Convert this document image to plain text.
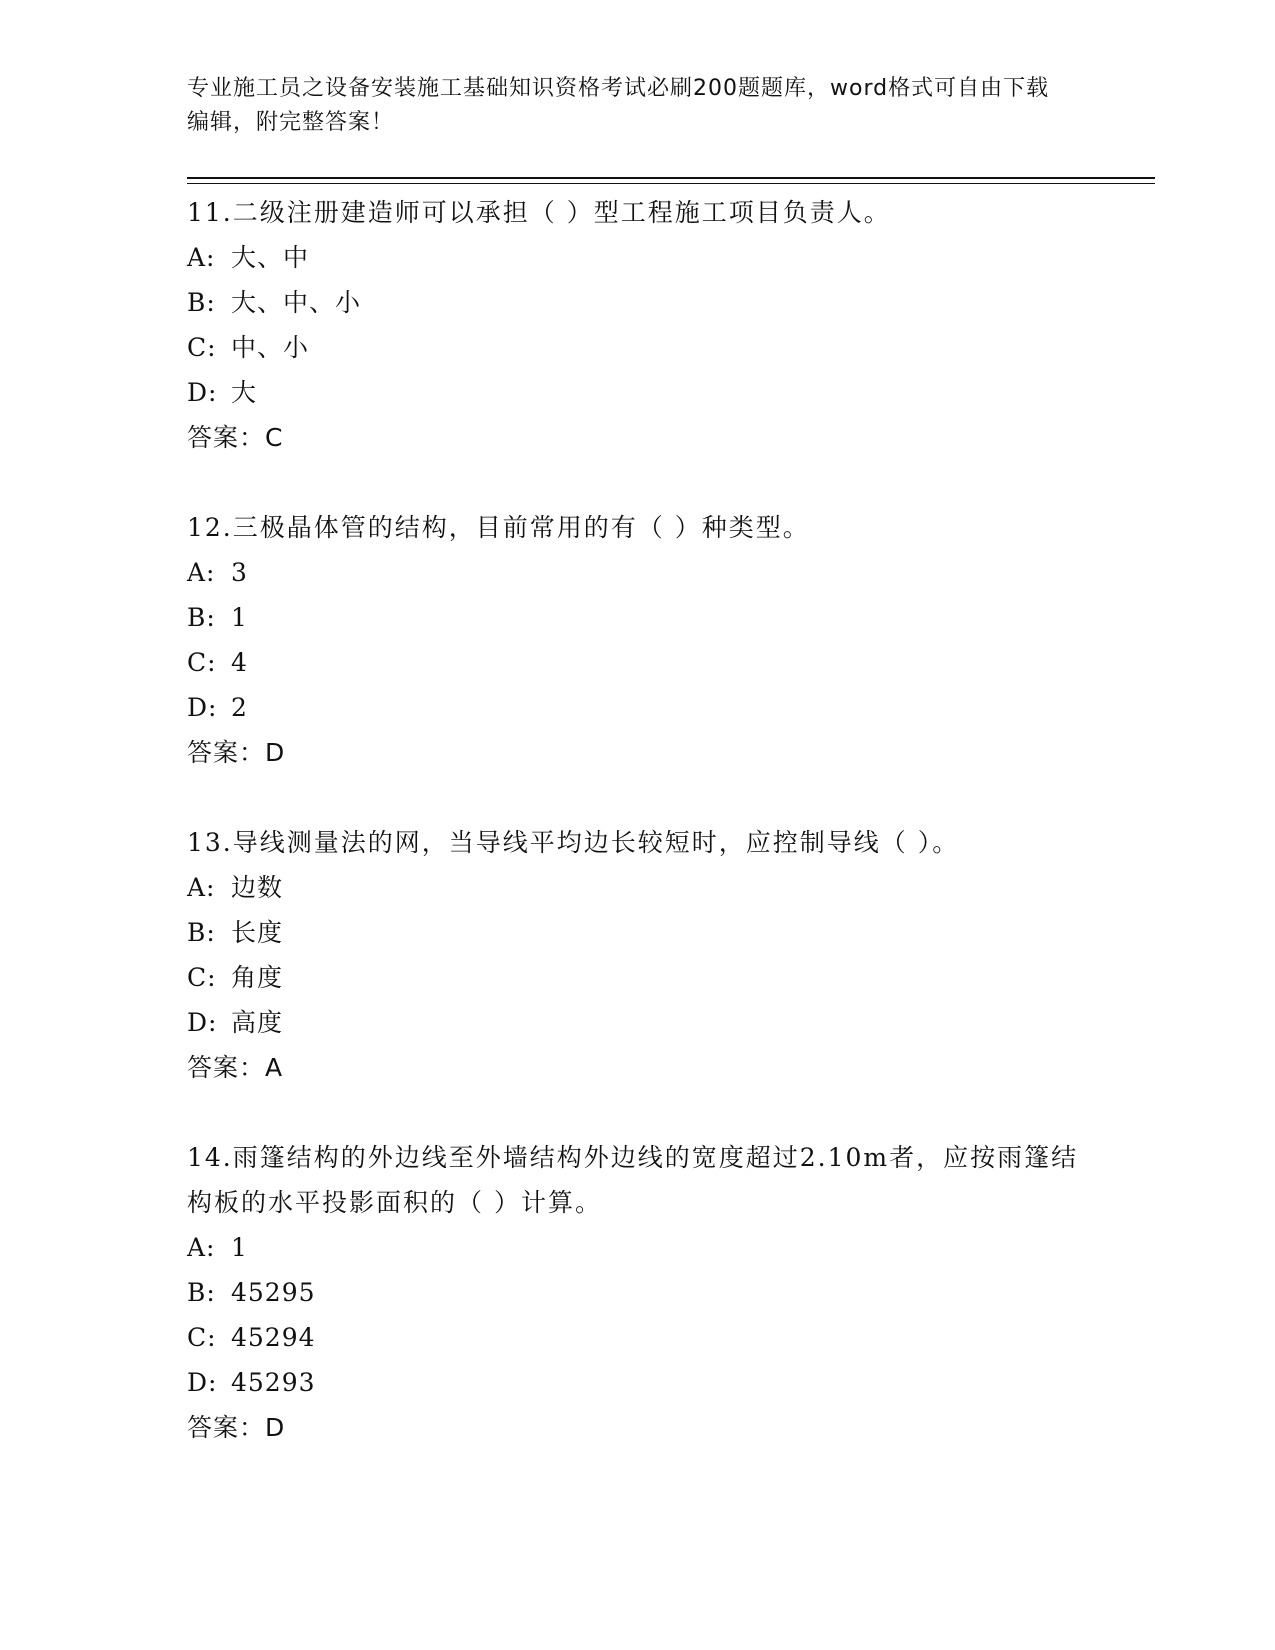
专业施工员之设备安装施工基础知识资格考试必刷200题题库，word格式可自由下载编辑，附完整答案！

11.二级注册建造师可以承担（ ）型工程施工项目负责人。

A: 大、中
B: 大、中、小
C: 中、小
D: 大
答案：C

12.三极晶体管的结构，目前常用的有（ ）种类型。

A: 3
B: 1
C: 4
D: 2
答案：D

13.导线测量法的网，当导线平均边长较短时，应控制导线（ ）。

A: 边数
B: 长度
C: 角度
D: 高度
答案：A

14.雨篷结构的外边线至外墙结构外边线的宽度超过2.10m者，应按雨篷结构板的水平投影面积的（ ）计算。

A: 1
B: 45295
C: 45294
D: 45293
答案：D
